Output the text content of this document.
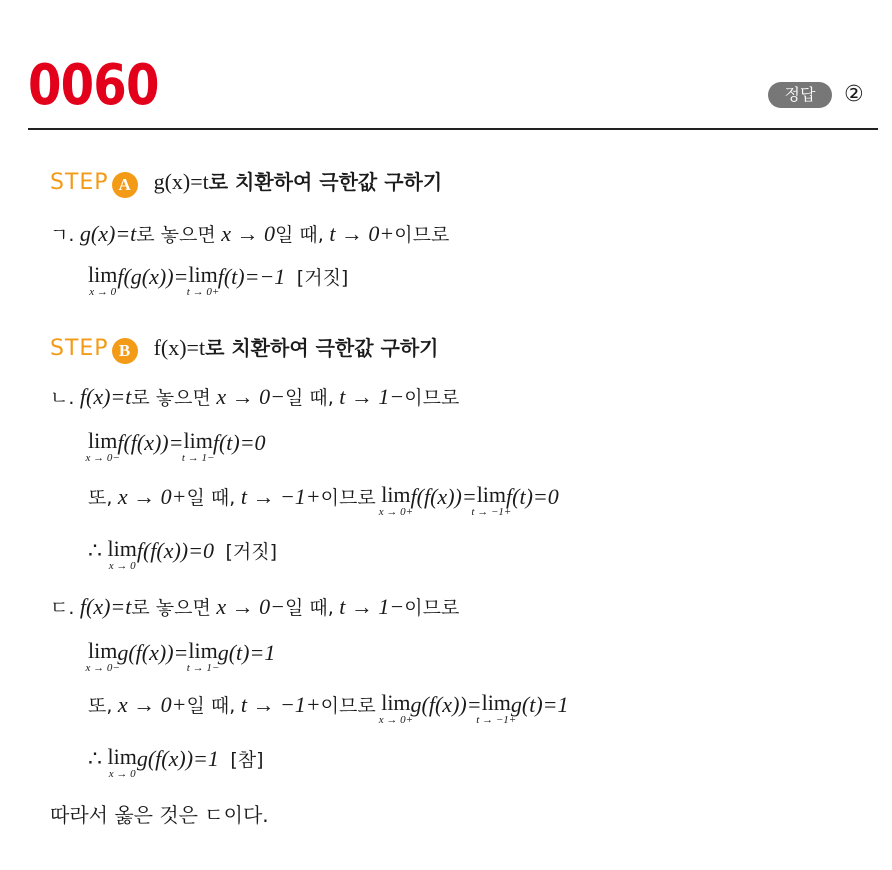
0060	정답	②
STEP A g(x)=t로 치환하여 극한값 구하기
ㄱ. g(x)=t로 놓으면 x → 0일 때, t → 0+이므로
lim
x → 0
f(g(x))=lim
t → 0+
f(t)=−1 [거짓]
STEP B f(x)=t로 치환하여 극한값 구하기
ㄴ. f(x)=t로 놓으면 x → 0−일 때, t → 1−이므로
lim
x → 0−
f(f(x))=lim
t → 1−
f(t)=0
또, x → 0+일 때, t → −1+이므로 lim
x → 0+
f(f(x))=lim
t → −1+
f(t)=0
∴ lim
x → 0
f(f(x))=0 [거짓]
ㄷ. f(x)=t로 놓으면 x → 0−일 때, t → 1−이므로
lim
x → 0−
g(f(x))=lim
t → 1−
g(t)=1
또, x → 0+일 때, t → −1+이므로 lim
x → 0+
g(f(x))=lim
t → −1+
g(t)=1
∴ lim
x → 0
g(f(x))=1 [참]
따라서 옳은 것은 ㄷ이다.
